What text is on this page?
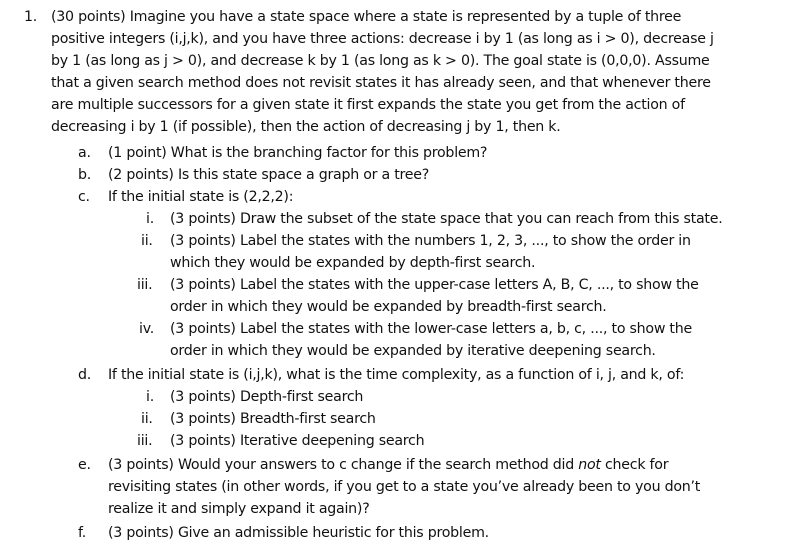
1. (30 points) Imagine you have a state space where a state is represented by a tuple of three
positive integers (i,j,k), and you have three actions: decrease i by 1 (as long as i > 0), decrease j
by 1 (as long as j > 0), and decrease k by 1 (as long as k > 0). The goal state is (0,0,0). Assume
that a given search method does not revisit states it has already seen, and that whenever there
are multiple successors for a given state it first expands the state you get from the action of
decreasing i by 1 (if possible), then the action of decreasing j by 1, then k.
a. (1 point) What is the branching factor for this problem?
b. (2 points) Is this state space a graph or a tree?
c. If the initial state is (2,2,2):
i. (3 points) Draw the subset of the state space that you can reach from this state.
ii. (3 points) Label the states with the numbers 1, 2, 3, ..., to show the order in
which they would be expanded by depth-first search.
iii. (3 points) Label the states with the upper-case letters A, B, C, ..., to show the
order in which they would be expanded by breadth-first search.
iv. (3 points) Label the states with the lower-case letters a, b, c, ..., to show the
order in which they would be expanded by iterative deepening search.
d. If the initial state is (i,j,k), what is the time complexity, as a function of i, j, and k, of:
i. (3 points) Depth-first search
ii. (3 points) Breadth-first search
iii. (3 points) Iterative deepening search
e. (3 points) Would your answers to c change if the search method did not check for
revisiting states (in other words, if you get to a state you’ve already been to you don’t
realize it and simply expand it again)?
f. (3 points) Give an admissible heuristic for this problem.
